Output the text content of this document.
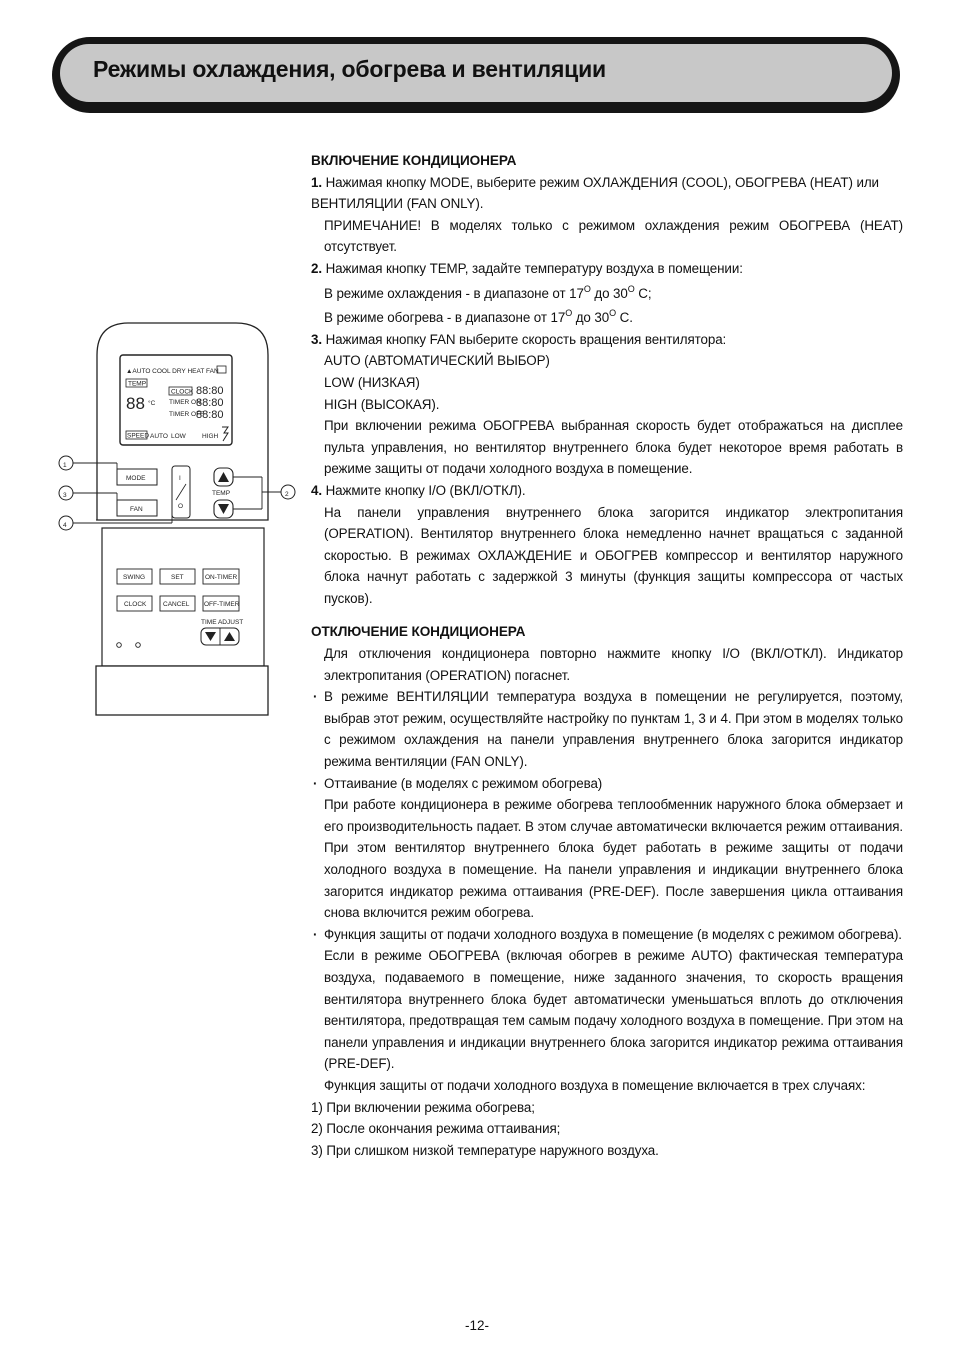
Режимы охлаждения, обогрева и вентиляции
▲AUTO COOL DRY HEAT FAN
TEMP
88 °C
CLOCK
TIMER ON
TIMER OFF
88:80
88:80
88:80
SPEED AUTO LOW HIGH
MODE
FAN
I
O
TEMP
1
3
4
2
SWING	SET	ON-TIMER
CLOCK	CANCEL OFF-TIMER
TIME ADJUST

ВКЛЮЧЕНИЕ КОНДИЦИОНЕРА

1. Нажимая кнопку MODE, выберите режим ОХЛАЖДЕНИЯ (COOL), ОБОГРЕВА (HEAT) или ВЕНТИЛЯЦИИ (FAN ONLY).

ПРИМЕЧАНИЕ! В моделях только с режимом охлаждения режим ОБОГРЕВА (HEAT) отсутствует.

2. Нажимая кнопку TEMP, задайте температуру воздуха в помещении:

В режиме охлаждения - в диапазоне от $17^O$ до $30^O$ C;

В режиме обогрева - в диапазоне от $17^O$ до $30^O$ C.

3. Нажимая кнопку FAN выберите скорость вращения вентилятора:

AUTO (АВТОМАТИЧЕСКИЙ ВЫБОР)

LOW (НИЗКАЯ)

HIGH (ВЫСОКАЯ).

При включении режима ОБОГРЕВА выбранная скорость будет отображаться на дисплее пульта управления, но вентилятор внутреннего блока будет некоторое время работать в режиме защиты от подачи холодного воздуха в помещение.

4. Нажмите кнопку I/O (ВКЛ/ОТКЛ).

На панели управления внутреннего блока загорится индикатор электропитания (OPERATION). Вентилятор внутреннего блока немедленно начнет вращаться с заданной скоростью. В режимах ОХЛАЖДЕНИЕ и ОБОГРЕВ компрессор и вентилятор наружного блока начнут работать с задержкой 3 минуты (функция защиты компрессора от частых пусков).

ОТКЛЮЧЕНИЕ КОНДИЦИОНЕРА

Для отключения кондиционера повторно нажмите кнопку I/O (ВКЛ/ОТКЛ). Индикатор электропитания (OPERATION) погаснет.

· В режиме ВЕНТИЛЯЦИИ температура воздуха в помещении не регулируется, поэтому, выбрав этот режим, осуществляйте настройку по пунктам 1, 3 и 4. При этом в моделях только с режимом охлаждения на панели управления внутреннего блока загорится индикатор режима вентиляции (FAN ONLY).

· Оттаивание (в моделях с режимом обогрева)

При работе кондиционера в режиме обогрева теплообменник наружного блока обмерзает и его производительность падает. В этом случае автоматически включается режим оттаивания. При этом вентилятор внутреннего блока будет работать в режиме защиты от подачи холодного воздуха в помещение. На панели управления и индикации внутреннего блока загорится индикатор режима оттаивания (PRE-DEF). После завершения цикла оттаивания снова включится режим обогрева.

· Функция защиты от подачи холодного воздуха в помещение (в моделях с режимом обогрева).

Если в режиме ОБОГРЕВА (включая обогрев в режиме AUTO) фактическая температура воздуха, подаваемого в помещение, ниже заданного значения, то скорость вращения вентилятора внутреннего блока будет автоматически уменьшаться вплоть до отключения вентилятора, предотвращая тем самым подачу холодного воздуха в помещение. При этом на панели управления и индикации внутреннего блока загорится индикатор режима оттаивания (PRE-DEF).

Функция защиты от подачи холодного воздуха в помещение включается в трех случаях:

1) При включении режима обогрева;

2) После окончания режима оттаивания;

3) При слишком низкой температуре наружного воздуха.

-12-
